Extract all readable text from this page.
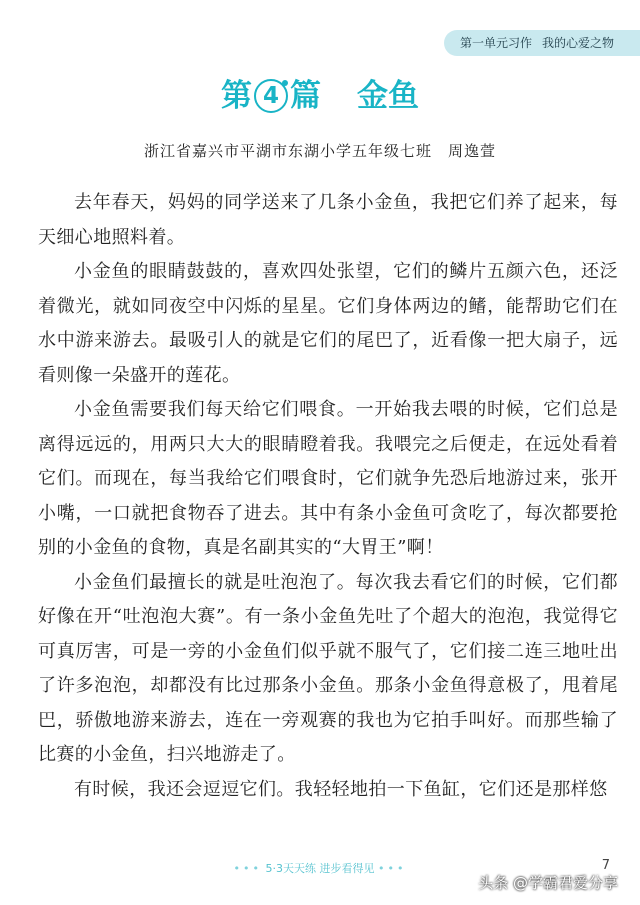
第一单元习作 我的心爱之物
第 4 篇 金鱼
浙江省嘉兴市平湖市东湖小学五年级七班 周逸萱

去年春天，妈妈的同学送来了几条小金鱼，我把它们养了起来，每天细心地照料着。

小金鱼的眼睛鼓鼓的，喜欢四处张望，它们的鳞片五颜六色，还泛着微光，就如同夜空中闪烁的星星。它们身体两边的鳍，能帮助它们在水中游来游去。最吸引人的就是它们的尾巴了，近看像一把大扇子，远看则像一朵盛开的莲花。

小金鱼需要我们每天给它们喂食。一开始我去喂的时候，它们总是离得远远的，用两只大大的眼睛瞪着我。我喂完之后便走，在远处看着它们。而现在，每当我给它们喂食时，它们就争先恐后地游过来，张开小嘴，一口就把食物吞了进去。其中有条小金鱼可贪吃了，每次都要抢别的小金鱼的食物，真是名副其实的“大胃王”啊！

小金鱼们最擅长的就是吐泡泡了。每次我去看它们的时候，它们都好像在开“吐泡泡大赛”。有一条小金鱼先吐了个超大的泡泡，我觉得它可真厉害，可是一旁的小金鱼们似乎就不服气了，它们接二连三地吐出了许多泡泡，却都没有比过那条小金鱼。那条小金鱼得意极了，甩着尾巴，骄傲地游来游去，连在一旁观赛的我也为它拍手叫好。而那些输了比赛的小金鱼，扫兴地游走了。

有时候，我还会逗逗它们。我轻轻地拍一下鱼缸，它们还是那样悠

••• 5·3天天练 进步看得见 •••	7
头条 @学霸君爱分享
